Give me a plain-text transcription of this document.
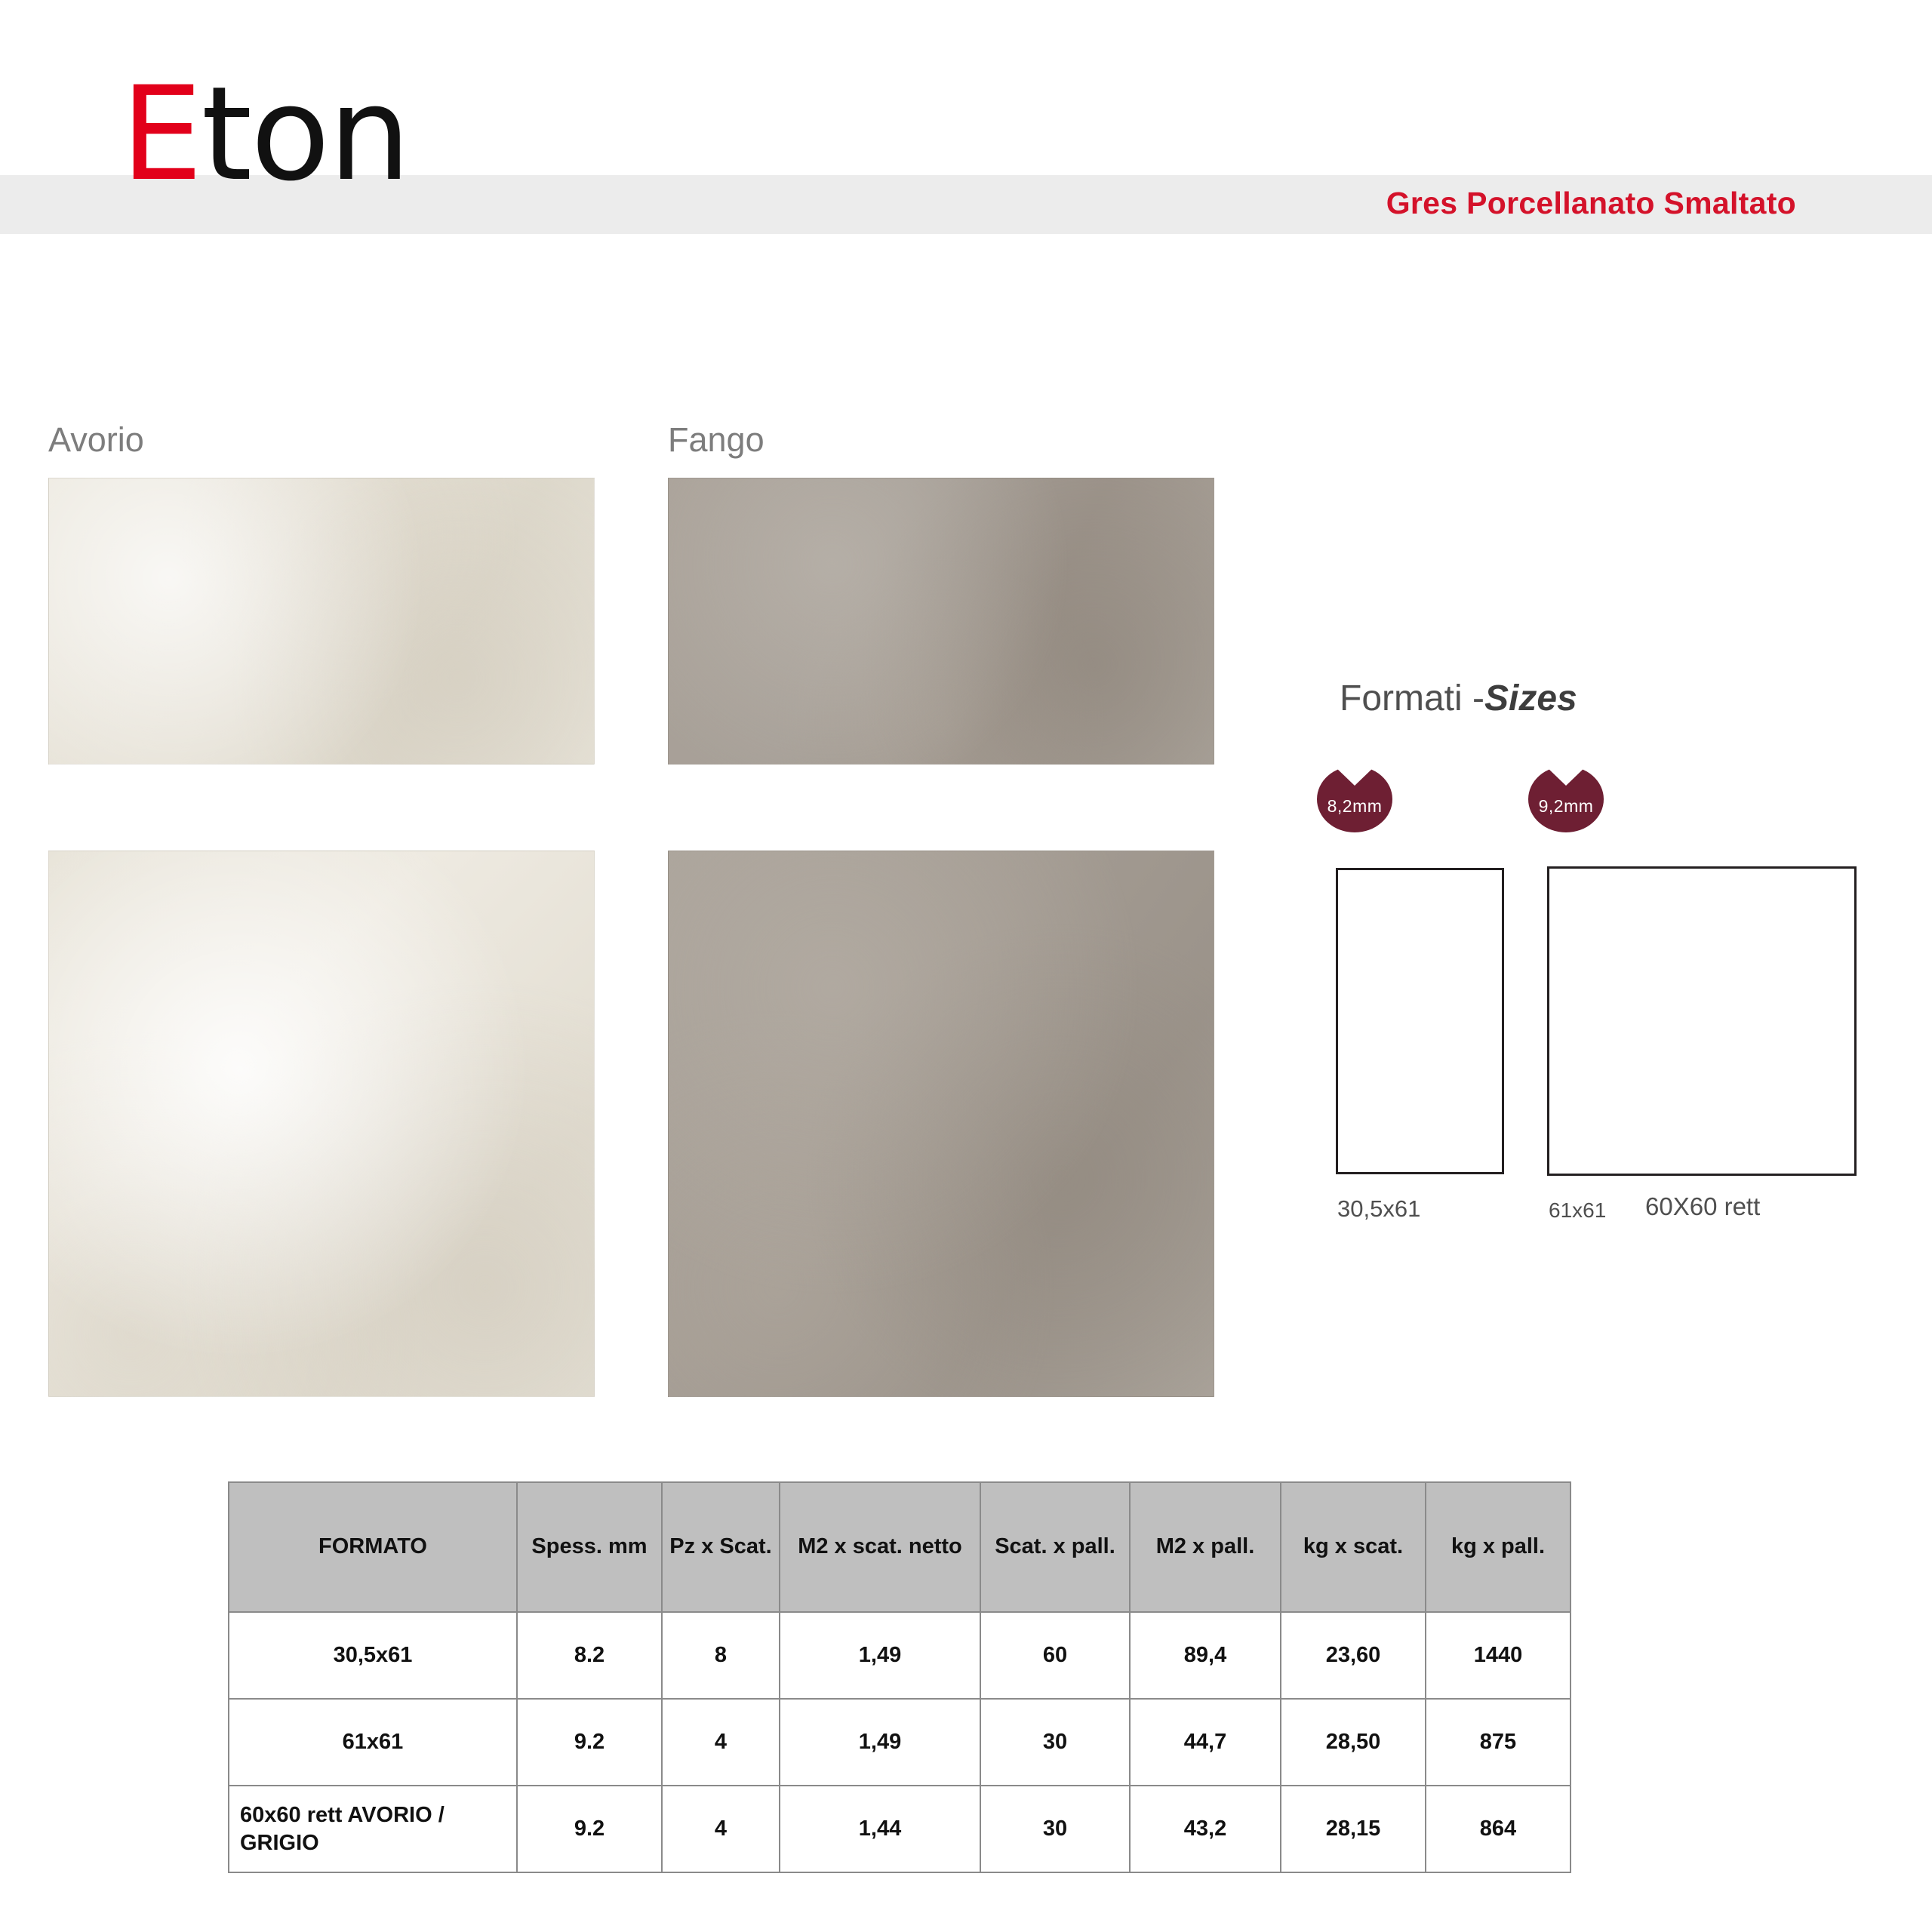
Eton	Gres Porcellanato Smaltato
Avorio	Fango
Formati -Sizes
8,2mm	9,2mm
30,5x61	61x61 60X60 rett
FORMATO	Spess. mm	Pz x Scat.	M2 x scat. netto	Scat. x pall.	M2 x pall.	kg x scat.	kg x pall.
30,5x61	8.2	8	1,49	60	89,4	23,60	1440
61x61	9.2	4	1,49	30	44,7	28,50	875
60x60 rett AVORIO / GRIGIO	9.2	4	1,44	30	43,2	28,15	864
